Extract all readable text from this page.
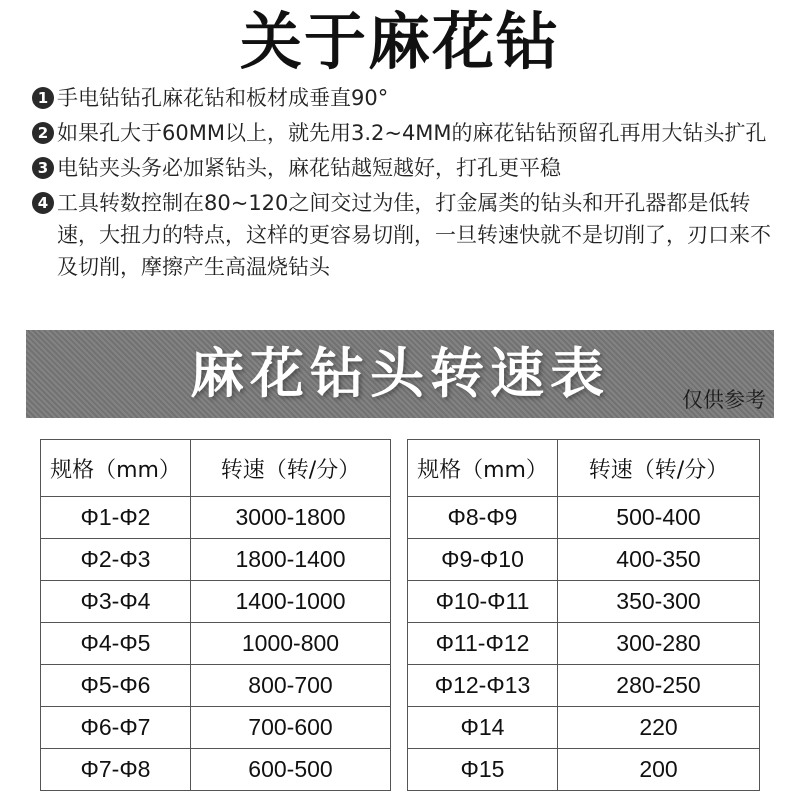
关于麻花钻
1 手电钻钻孔麻花钻和板材成垂直90°
2 如果孔大于60MM以上，就先用3.2~4MM的麻花钻钻预留孔再用大钻头扩孔
3 电钻夹头务必加紧钻头，麻花钻越短越好，打孔更平稳
4 工具转数控制在80~120之间交过为佳，打金属类的钻头和开孔器都是低转速，大扭力的特点，这样的更容易切削，一旦转速快就不是切削了，刃口来不及切削，摩擦产生高温烧钻头
麻花钻头转速表	仅供参考
规格（mm）	转速（转/分）
Φ1-Φ2	3000-1800
Φ2-Φ3	1800-1400
Φ3-Φ4	1400-1000
Φ4-Φ5	1000-800
Φ5-Φ6	800-700
Φ6-Φ7	700-600
Φ7-Φ8	600-500
规格（mm）	转速（转/分）
Φ8-Φ9	500-400
Φ9-Φ10	400-350
Φ10-Φ11	350-300
Φ11-Φ12	300-280
Φ12-Φ13	280-250
Φ14	220
Φ15	200
